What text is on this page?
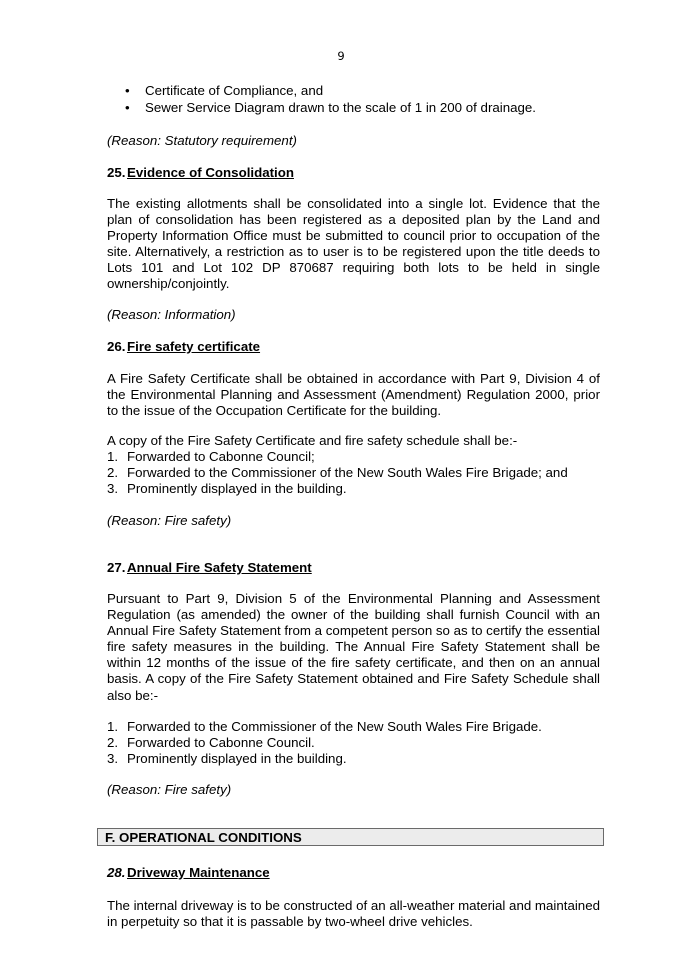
9
• Certificate of Compliance, and
• Sewer Service Diagram drawn to the scale of 1 in 200 of drainage.
(Reason: Statutory requirement)
25. Evidence of Consolidation

The existing allotments shall be consolidated into a single lot. Evidence that the plan of consolidation has been registered as a deposited plan by the Land and Property Information Office must be submitted to council prior to occupation of the site. Alternatively, a restriction as to user is to be registered upon the title deeds to Lots 101 and Lot 102 DP 870687 requiring both lots to be held in single ownership/conjointly.

(Reason: Information)
26. Fire safety certificate

A Fire Safety Certificate shall be obtained in accordance with Part 9, Division 4 of the Environmental Planning and Assessment (Amendment) Regulation 2000, prior to the issue of the Occupation Certificate for the building.

A copy of the Fire Safety Certificate and fire safety schedule shall be:-

1. Forwarded to Cabonne Council;
2. Forwarded to the Commissioner of the New South Wales Fire Brigade; and
3. Prominently displayed in the building.
(Reason: Fire safety)
27. Annual Fire Safety Statement

Pursuant to Part 9, Division 5 of the Environmental Planning and Assessment Regulation (as amended) the owner of the building shall furnish Council with an Annual Fire Safety Statement from a competent person so as to certify the essential fire safety measures in the building. The Annual Fire Safety Statement shall be within 12 months of the issue of the fire safety certificate, and then on an annual basis. A copy of the Fire Safety Statement obtained and Fire Safety Schedule shall also be:-

1. Forwarded to the Commissioner of the New South Wales Fire Brigade.
2. Forwarded to Cabonne Council.
3. Prominently displayed in the building.
(Reason: Fire safety)
F. OPERATIONAL CONDITIONS
28. Driveway Maintenance

The internal driveway is to be constructed of an all-weather material and maintained in perpetuity so that it is passable by two-wheel drive vehicles.
